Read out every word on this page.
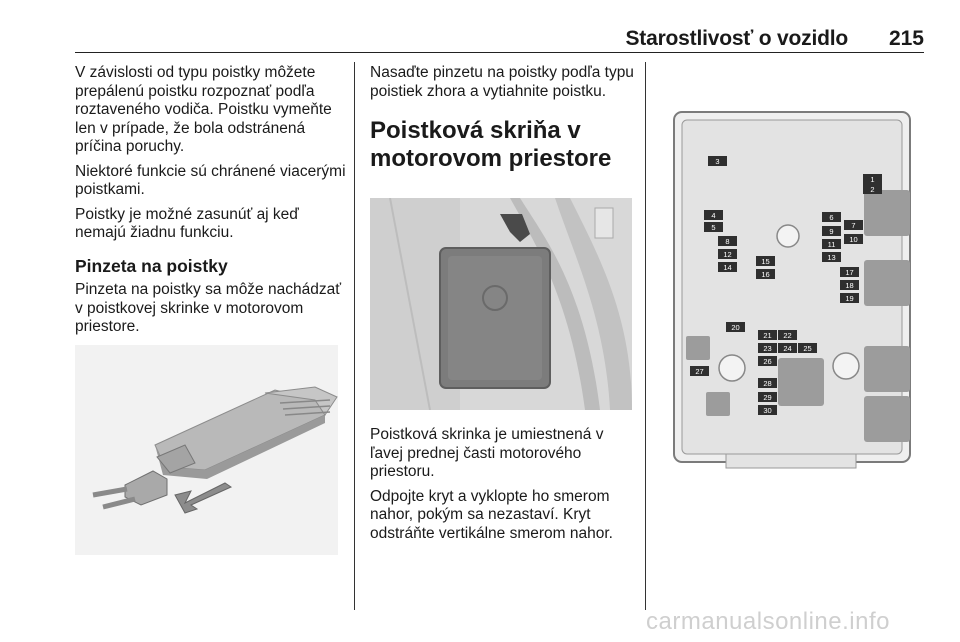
Starostlivosť o vozidlo 215

V závislosti od typu poistky môžete prepálenú poistku rozpoznať podľa roztaveného vodiča. Poistku vymeňte len v prípade, že bola odstránená príčina poruchy.

Niektoré funkcie sú chránené viacerými poistkami.

Poistky je možné zasunúť aj keď nemajú žiadnu funkciu.

Pinzeta na poistky

Pinzeta na poistky sa môže nachádzať v poistkovej skrinke v motorovom priestore.

Nasaďte pinzetu na poistky podľa typu poistiek zhora a vytiahnite poistku.

Poistková skriňa v motorovom priestore

Poistková skrinka je umiestnená v ľavej prednej časti motorového priestoru.

Odpojte kryt a vyklopte ho smerom nahor, pokým sa nezastaví. Kryt odstráňte vertikálne smerom nahor.

1
2
3
4
5
6
7
8
9
10
11
12	13
14
15
16	17
18
19
20
21 22
23 24 25
26
27
28
29
30
carmanualsonline.info
